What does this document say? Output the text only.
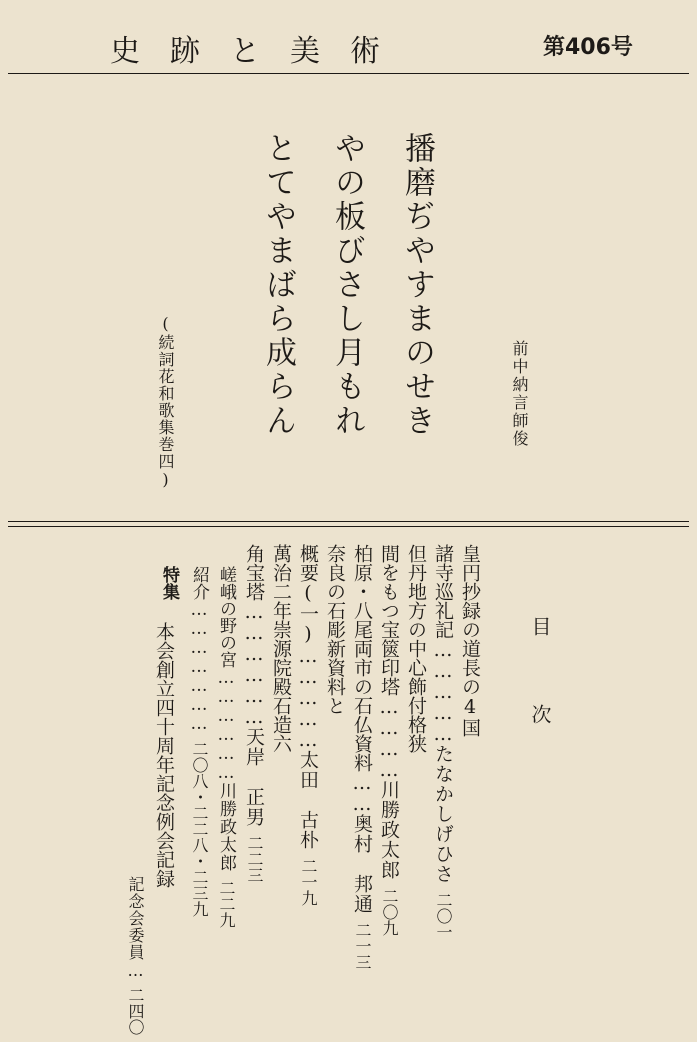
史跡と美術	第406号
播磨ぢやすまのせき
やの板びさし月もれ
とてやまばら成らん	前中納言師俊
(続詞花和歌集巻四)
目次
皇円抄録の道長の4国
諸寺巡礼記……………たなかしげひさ二〇一
但丹地方の中心飾付格狭
間をもつ宝篋印塔…………川勝政太郎二〇九
柏原・八尾両市の石仏資料……奥村　邦通二一三
奈良の石彫新資料と
概要(一)……………太田　古朴二一九
萬治二年崇源院殿石造六
角宝塔………………天岸　正男二二三
嵯峨の野の宮………………川勝政太郎二二九
紹介…………………二〇八・二二八・二三九
特集
本会創立四十周年記念例会記録
記念会委員…二四〇
